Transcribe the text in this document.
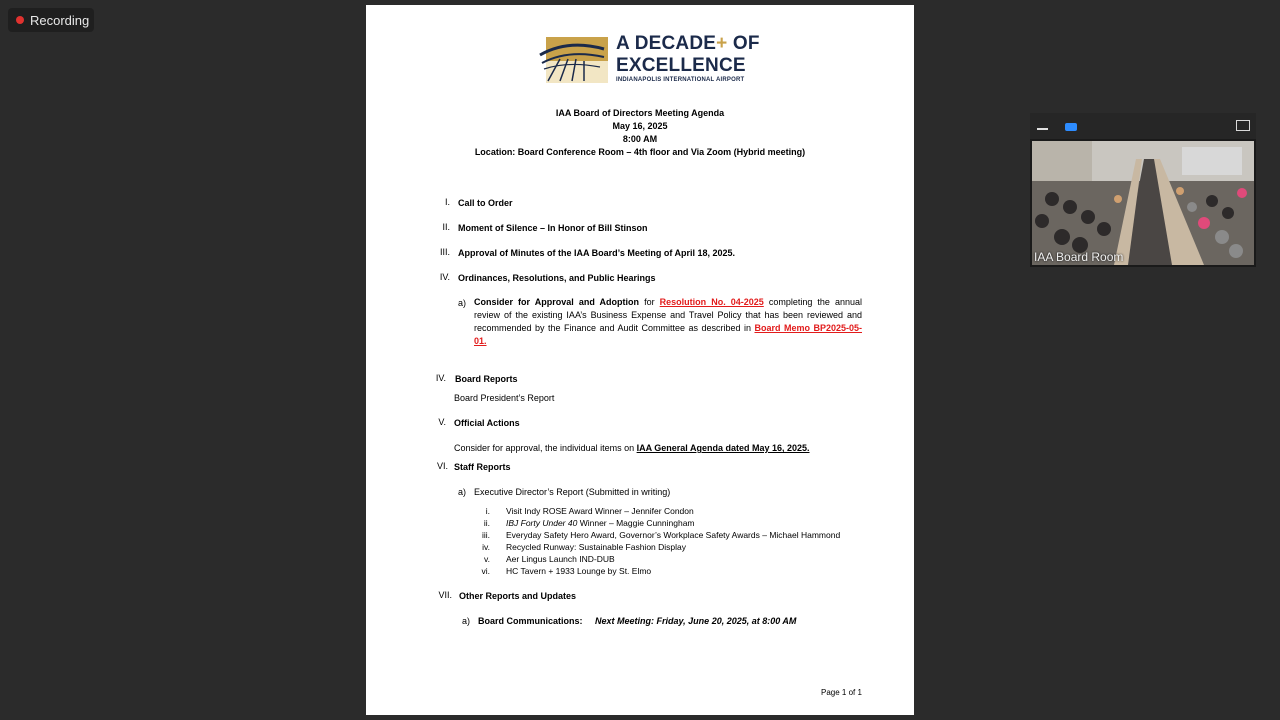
Recording
A DECADE+ OF
EXCELLENCE
INDIANAPOLIS INTERNATIONAL AIRPORT
IAA Board of Directors Meeting Agenda
May 16, 2025
8:00 AM
Location: Board Conference Room – 4th floor and Via Zoom (Hybrid meeting)
I. Call to Order
II. Moment of Silence – In Honor of Bill Stinson
III. Approval of Minutes of the IAA Board’s Meeting of April 18, 2025.
IV. Ordinances, Resolutions, and Public Hearings
a) Consider for Approval and Adoption for Resolution No. 04-2025 completing the annual review of the existing IAA’s Business Expense and Travel Policy that has been reviewed and recommended by the Finance and Audit Committee as described in Board Memo BP2025-05-01.
IV. Board Reports
Board President’s Report
V. Official Actions
Consider for approval, the individual items on IAA General Agenda dated May 16, 2025.
VI. Staff Reports
a) Executive Director’s Report (Submitted in writing)
i. Visit Indy ROSE Award Winner – Jennifer Condon
ii. IBJ Forty Under 40 Winner – Maggie Cunningham
iii. Everyday Safety Hero Award, Governor’s Workplace Safety Awards – Michael Hammond
iv. Recycled Runway: Sustainable Fashion Display
v. Aer Lingus Launch IND-DUB
vi. HC Tavern + 1933 Lounge by St. Elmo
VII. Other Reports and Updates
a) Board Communications: Next Meeting: Friday, June 20, 2025, at 8:00 AM
Page 1 of 1
IAA Board Room
